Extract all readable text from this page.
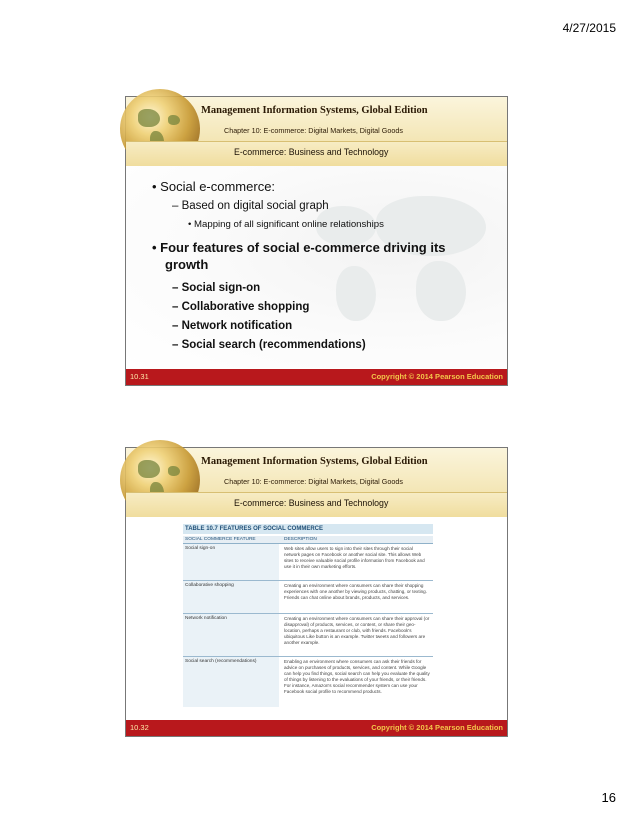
4/27/2015
Management Information Systems, Global Edition
Chapter 10: E-commerce: Digital Markets, Digital Goods
E-commerce: Business and Technology
• Social e-commerce:
– Based on digital social graph
• Mapping of all significant online relationships
• Four features of social e-commerce driving its
growth
– Social sign-on
– Collaborative shopping
– Network notification
– Social search (recommendations)
10.31	Copyright © 2014 Pearson Education
Management Information Systems, Global Edition
Chapter 10: E-commerce: Digital Markets, Digital Goods
E-commerce: Business and Technology
TABLE 10.7 FEATURES OF SOCIAL COMMERCE
SOCIAL COMMERCE FEATURE	DESCRIPTION
Social sign-on	Web sites allow users to sign into their sites through their social network pages on Facebook or another social site. This allows Web sites to receive valuable social profile information from Facebook and use it in their own marketing efforts.
Collaborative shopping	Creating an environment where consumers can share their shopping experiences with one another by viewing products, chatting, or texting. Friends can chat online about brands, products, and services.
Network notification	Creating an environment where consumers can share their approval (or disapproval) of products, services, or content, or share their geo-location, perhaps a restaurant or club, with friends. Facebook's ubiquitous Like button is an example. Twitter tweets and followers are another example.
Social search (recommendations)	Enabling an environment where consumers can ask their friends for advice on purchases of products, services, and content. While Google can help you find things, social search can help you evaluate the quality of things by listening to the evaluations of your friends, or their friends. For instance, Amazon's social recommender system can use your Facebook social profile to recommend products.
10.32	Copyright © 2014 Pearson Education
16
